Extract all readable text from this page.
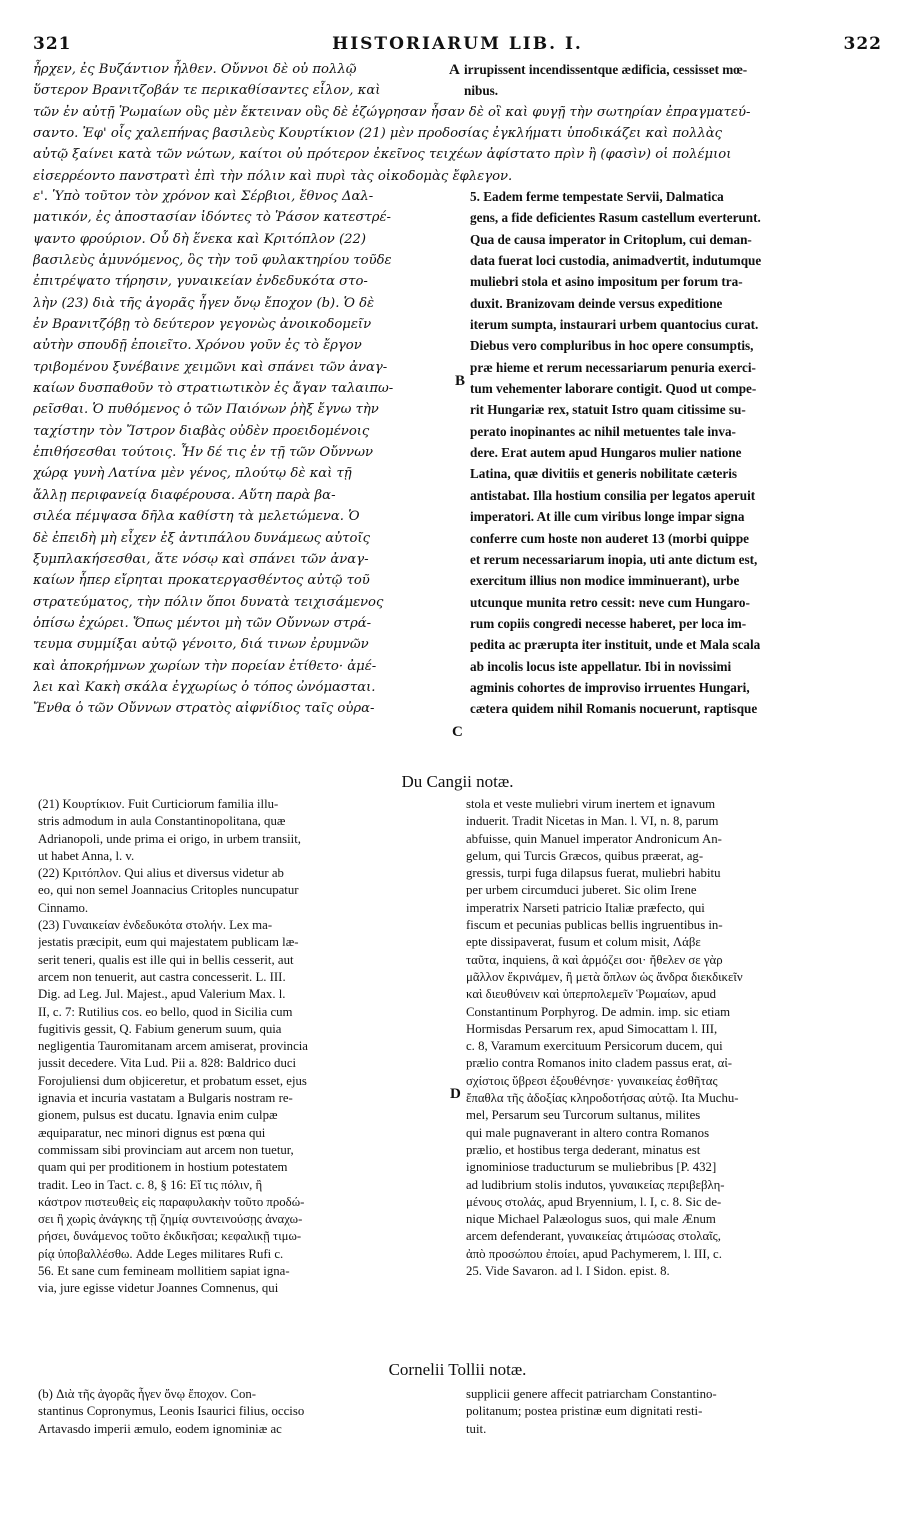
321	HISTORIARUM LIB. I.	322
ἦρχεν, ἐς Βυζάντιον ἦλθεν. Οὔννοι δὲ οὐ πολλῷ
ὕστερον Βρανιτζοβάν τε περικαθίσαντες εἷλον, καὶ
τῶν ἐν αὐτῇ Ῥωμαίων οὓς μὲν ἔκτειναν οὓς δὲ ἐζώγρησαν ἦσαν δὲ οἳ καὶ φυγῇ τὴν σωτηρίαν ἐπραγματεύ-
σαντο. Ἐφ' οἷς χαλεπήνας βασιλεὺς Κουρτίκιον (21) μὲν προδοσίας ἐγκλήματι ὑποδικάζει καὶ πολλὰς
αὐτῷ ξαίνει κατὰ τῶν νώτων, καίτοι οὐ πρότερον ἐκεῖνος τειχέων ἀφίστατο πρὶν ἢ (φασὶν) οἱ πολέμιοι
εἰσερρέοντο πανστρατὶ ἐπὶ τὴν πόλιν καὶ πυρὶ τὰς οἰκοδομὰς ἔφλεγον.
irrupissent incendissentque ædificia, cessisset mœ-
nibus.
A
ε'. Ὑπὸ τοῦτον τὸν χρόνον καὶ Σέρβιοι, ἔθνος Δαλ-
ματικόν, ἐς ἀποστασίαν ἰδόντες τὸ Ῥάσον κατεστρέ-
ψαντο φρούριον. Οὗ δὴ ἕνεκα καὶ Κριτόπλον (22)
βασιλεὺς ἀμυνόμενος, ὃς τὴν τοῦ φυλακτηρίου τοῦδε
ἐπιτρέψατο τήρησιν, γυναικείαν ἐνδεδυκότα στο-
λὴν (23) διὰ τῆς ἀγορᾶς ἦγεν ὄνῳ ἔποχον (b). Ὁ δὲ
ἐν Βρανιτζόβῃ τὸ δεύτερον γεγονὼς ἀνοικοδομεῖν
αὐτὴν σπουδῇ ἐποιεῖτο. Χρόνου γοῦν ἐς τὸ ἔργον
τριβομένου ξυνέβαινε χειμῶνι καὶ σπάνει τῶν ἀναγ-
καίων δυσπαθοῦν τὸ στρατιωτικὸν ἐς ἄγαν ταλαιπω-
ρεῖσθαι. Ὁ πυθόμενος ὁ τῶν Παιόνων ῥὴξ ἔγνω τὴν
ταχίστην τὸν Ἴστρον διαβὰς οὐδὲν προειδομένοις
ἐπιθήσεσθαι τούτοις. Ἦν δέ τις ἐν τῇ τῶν Οὔννων
χώρᾳ γυνὴ Λατίνα μὲν γένος, πλούτῳ δὲ καὶ τῇ
ἄλλῃ περιφανείᾳ διαφέρουσα. Αὕτη παρὰ βα-
σιλέα πέμψασα δῆλα καθίστη τὰ μελετώμενα. Ὁ
δὲ ἐπειδὴ μὴ εἶχεν ἐξ ἀντιπάλου δυνάμεως αὐτοῖς
ξυμπλακήσεσθαι, ἅτε νόσῳ καὶ σπάνει τῶν ἀναγ-
καίων ἧπερ εἴρηται προκατεργασθέντος αὐτῷ τοῦ
στρατεύματος, τὴν πόλιν ὅποι δυνατὰ τειχισάμενος
ὀπίσω ἐχώρει. Ὅπως μέντοι μὴ τῶν Οὔννων στρά-
τευμα συμμίξαι αὐτῷ γένοιτο, διά τινων ἐρυμνῶν
καὶ ἀποκρήμνων χωρίων τὴν πορείαν ἐτίθετο· ἀμέ-
λει καὶ Κακὴ σκάλα ἐγχωρίως ὁ τόπος ὠνόμασται.
Ἔνθα ὁ τῶν Οὔννων στρατὸς αἰφνίδιος ταῖς οὐρα-
5. Eadem ferme tempestate Servii, Dalmatica
gens, a fide deficientes Rasum castellum everterunt.
Qua de causa imperator in Critoplum, cui deman-
data fuerat loci custodia, animadvertit, indutumque
muliebri stola et asino impositum per forum tra-
duxit. Branizovam deinde versus expeditione
iterum sumpta, instaurari urbem quantocius curat.
Diebus vero compluribus in hoc opere consumptis,
præ hieme et rerum necessariarum penuria exerci-
tum vehementer laborare contigit. Quod ut compe-
rit Hungariæ rex, statuit Istro quam citissime su-
perato inopinantes ac nihil metuentes tale inva-
dere. Erat autem apud Hungaros mulier natione
Latina, quæ divitiis et generis nobilitate cæteris
antistabat. Illa hostium consilia per legatos aperuit
imperatori. At ille cum viribus longe impar signa
conferre cum hoste non auderet 13 (morbi quippe
et rerum necessariarum inopia, uti ante dictum est,
exercitum illius non modice imminuerant), urbe
utcunque munita retro cessit: neve cum Hungaro-
rum copiis congredi necesse haberet, per loca im-
pedita ac prærupta iter instituit, unde et Mala scala
ab incolis locus iste appellatur. Ibi in novissimi
agminis cohortes de improviso irruentes Hungari,
cætera quidem nihil Romanis nocuerunt, raptisque
B
C
Du Cangii notæ.
(21) Κουρτίκιον. Fuit Curticiorum familia illu-
stris admodum in aula Constantinopolitana, quæ
Adrianopoli, unde prima ei origo, in urbem transiit,
ut habet Anna, l. v.
(22) Κριτόπλον. Qui alius et diversus videtur ab
eo, qui non semel Joannacius Critoples nuncupatur
Cinnamo.
(23) Γυναικείαν ἐνδεδυκότα στολήν. Lex ma-
jestatis præcipit, eum qui majestatem publicam læ-
serit teneri, qualis est ille qui in bellis cesserit, aut
arcem non tenuerit, aut castra concesserit. L. III.
Dig. ad Leg. Jul. Majest., apud Valerium Max. l.
II, c. 7: Rutilius cos. eo bello, quod in Sicilia cum
fugitivis gessit, Q. Fabium generum suum, quia
negligentia Tauromitanam arcem amiserat, provincia
jussit decedere. Vita Lud. Pii a. 828: Baldrico duci
Forojuliensi dum objiceretur, et probatum esset, ejus
ignavia et incuria vastatam a Bulgaris nostram re-
gionem, pulsus est ducatu. Ignavia enim culpæ
æquiparatur, nec minori dignus est pœna qui
commissam sibi provinciam aut arcem non tuetur,
quam qui per proditionem in hostium potestatem
tradit. Leo in Tact. c. 8, § 16: Εἴ τις πόλιν, ἢ
κάστρον πιστευθεὶς εἰς παραφυλακὴν τοῦτο προδώ-
σει ἢ χωρὶς ἀνάγκης τῇ ζημίᾳ συντεινούσῃς ἀναχω-
ρήσει, δυνάμενος τοῦτο ἐκδικῆσαι; κεφαλικῇ τιμω-
ρίᾳ ὑποβαλλέσθω. Adde Leges militares Rufi c.
56. Et sane cum femineam mollitiem sapiat igna-
via, jure egisse videtur Joannes Comnenus, qui
stola et veste muliebri virum inertem et ignavum
induerit. Tradit Nicetas in Man. l. VI, n. 8, parum
abfuisse, quin Manuel imperator Andronicum An-
gelum, qui Turcis Græcos, quibus præerat, ag-
gressis, turpi fuga dilapsus fuerat, muliebri habitu
per urbem circumduci juberet. Sic olim Irene
imperatrix Narseti patricio Italiæ præfecto, qui
fiscum et pecunias publicas bellis ingruentibus in-
epte dissipaverat, fusum et colum misit, Λάβε
ταῦτα, inquiens, ἃ καὶ ἁρμόζει σοι· ἤθελεν σε γὰρ
μᾶλλον ἔκρινάμεν, ἢ μετὰ ὅπλων ὡς ἄνδρα διεκδικεῖν
καὶ διευθύνειν καὶ ὑπερπολεμεῖν Ῥωμαίων, apud
Constantinum Porphyrog. De admin. imp. sic etiam
Hormisdas Persarum rex, apud Simocattam l. III,
c. 8, Varamum exercituum Persicorum ducem, qui
prælio contra Romanos inito cladem passus erat, αἰ-
σχίστοις ὕβρεσι ἐξουθένησε· γυναικείας ἐσθῆτας
ἔπαθλα τῆς ἀδοξίας κληροδοτήσας αὐτῷ. Ita Muchu-
mel, Persarum seu Turcorum sultanus, milites
qui male pugnaverant in altero contra Romanos
prælio, et hostibus terga dederant, minatus est
ignominiose traducturum se muliebribus [P. 432]
ad ludibrium stolis indutos, γυναικείας περιβεβλη-
μένους στολάς, apud Bryennium, l. I, c. 8. Sic de-
nique Michael Palæologus suos, qui male Ænum
arcem defenderant, γυναικείας ἀτιμώσας στολαῖς,
ἀπὸ προσώπου ἐποίει, apud Pachymerem, l. III, c.
25. Vide Savaron. ad l. I Sidon. epist. 8.
D
Cornelii Tollii notæ.
(b) Διὰ τῆς ἀγορᾶς ἦγεν ὄνῳ ἔποχον. Con-
stantinus Copronymus, Leonis Isaurici filius, occiso
Artavasdo imperii æmulo, eodem ignominiæ ac
supplicii genere affecit patriarcham Constantino-
politanum; postea pristinæ eum dignitati resti-
tuit.
